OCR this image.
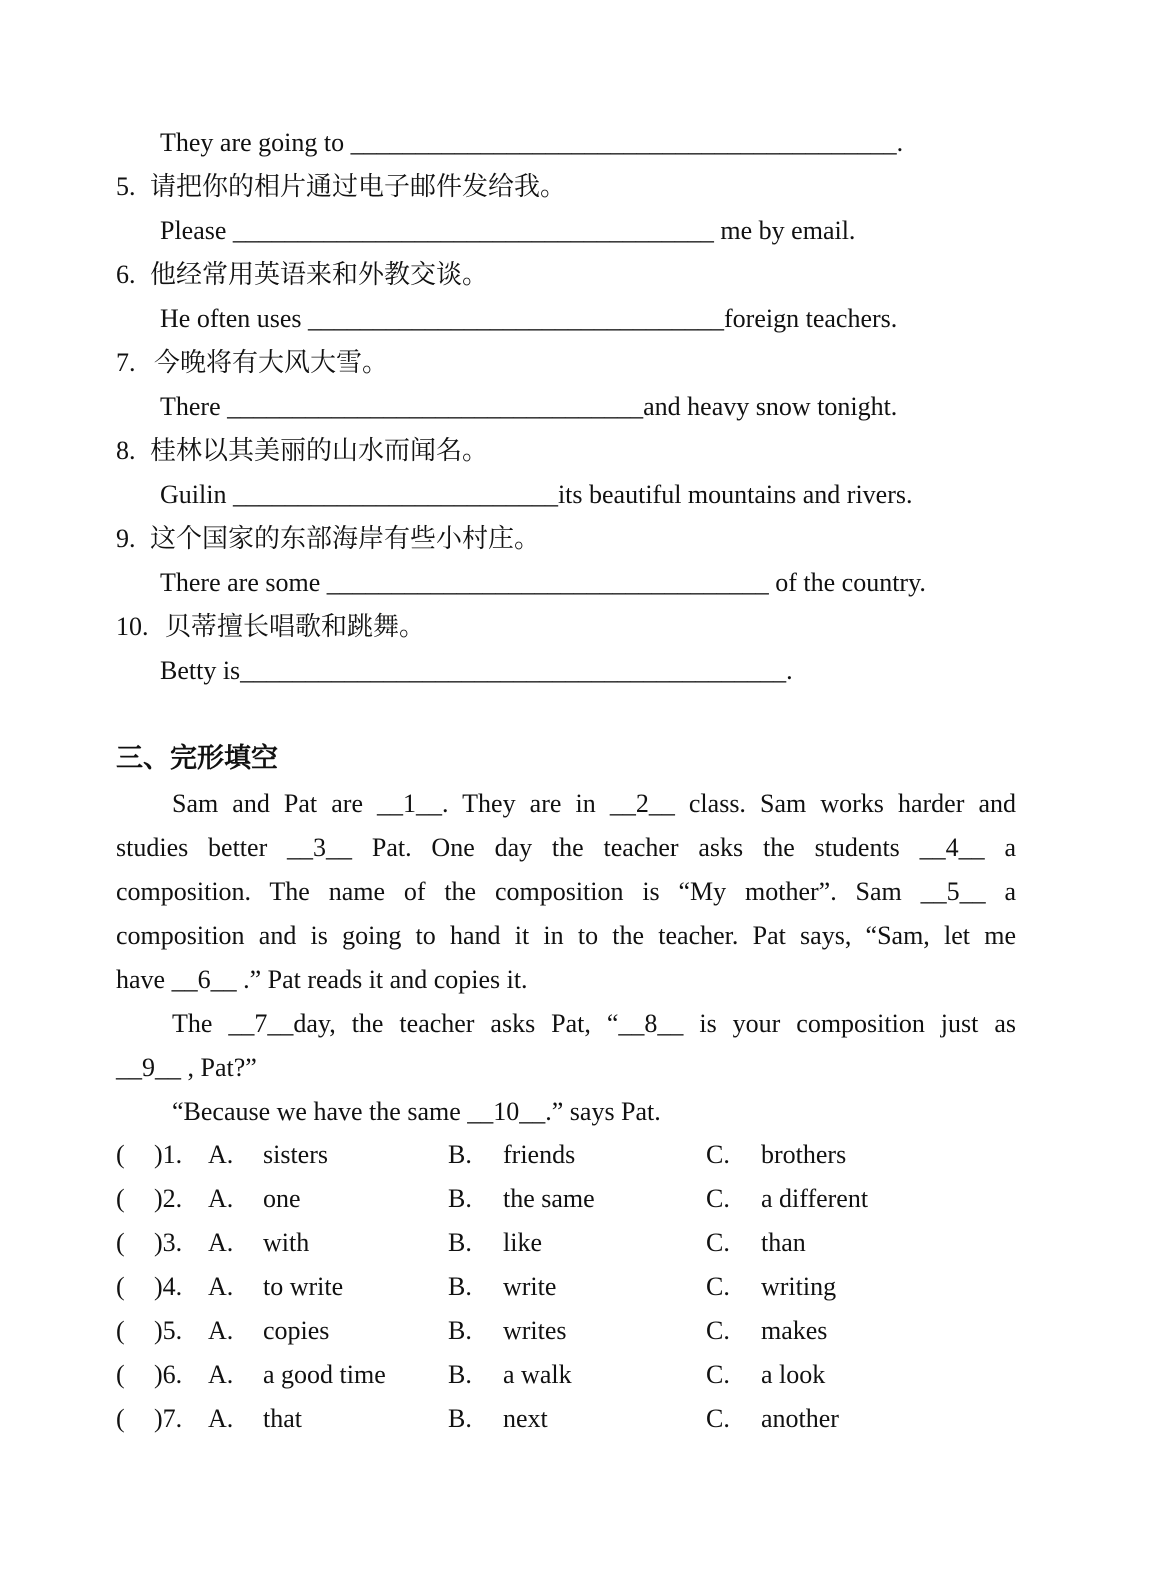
They are going to __________________________________________.
5. 请把你的相片通过电子邮件发给我。
Please _____________________________________ me by email.
6. 他经常用英语来和外教交谈。
He often uses ________________________________foreign teachers.
7. 今晚将有大风大雪。
There ________________________________and heavy snow tonight.
8. 桂林以其美丽的山水而闻名。
Guilin _________________________its beautiful mountains and rivers.
9. 这个国家的东部海岸有些小村庄。
There are some __________________________________ of the country.
10. 贝蒂擅长唱歌和跳舞。
Betty is__________________________________________.
三、完形填空
Sam and Pat are __1__. They are in __2__ class. Sam works harder and
studies better __3__ Pat. One day the teacher asks the students __4__ a
composition. The name of the composition is “My mother”. Sam __5__ a
composition and is going to hand it in to the teacher. Pat says, “Sam, let me
have __6__ .” Pat reads it and copies it.
The __7__day, the teacher asks Pat, “__8__ is your composition just as
__9__ , Pat?”
“Because we have the same __10__.” says Pat.
( )1. A. sisters	B. friends	C. brothers
( )2. A. one	B. the same	C. a different
( )3. A. with	B. like	C. than
( )4. A. to write	B. write	C. writing
( )5. A. copies	B. writes	C. makes
( )6. A. a good time B. a walk	C. a look
( )7. A. that	B. next	C. another
